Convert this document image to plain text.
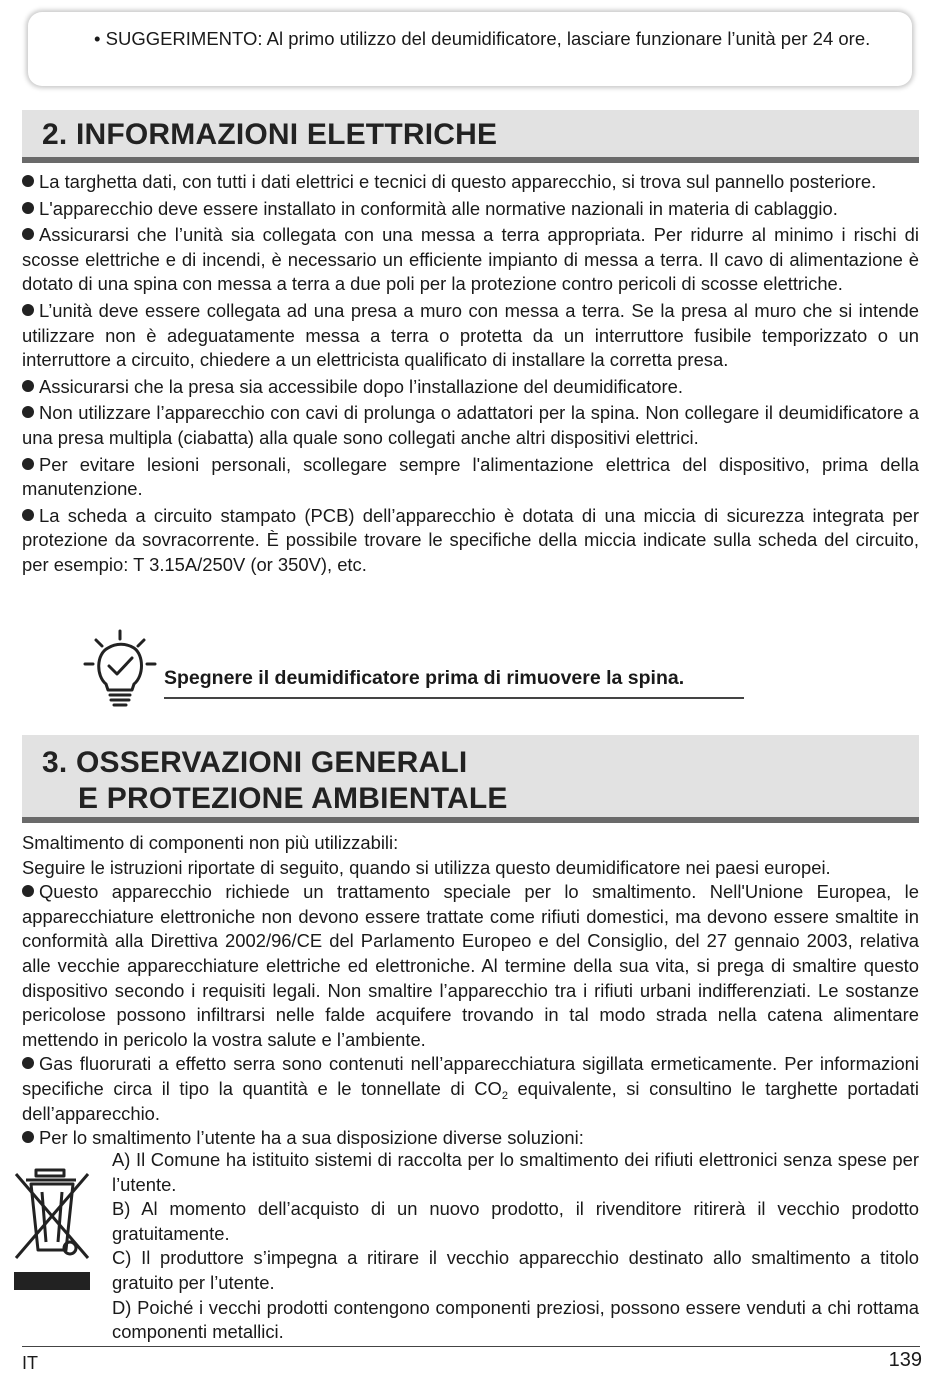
• SUGGERIMENTO: Al primo utilizzo del deumidificatore, lasciare funzionare l’unità per 24 ore.

2. INFORMAZIONI ELETTRICHE

La targhetta dati, con tutti i dati elettrici e tecnici di questo apparecchio, si trova sul pannello posteriore.

L'apparecchio deve essere installato in conformità alle normative nazionali in materia di cablaggio.

Assicurarsi che l’unità sia collegata con una messa a terra appropriata. Per ridurre al minimo i rischi di scosse elettriche e di incendi, è necessario un efficiente impianto di messa a terra. Il cavo di alimentazione è dotato di una spina con messa a terra a due poli per la protezione contro pericoli di scosse elettriche.

L’unità deve essere collegata ad una presa a muro con messa a terra. Se la presa al muro che si intende utilizzare non è adeguatamente messa a terra o protetta da un interruttore fusibile temporizzato o un interruttore a circuito, chiedere a un elettricista qualificato di installare la corretta presa.

Assicurarsi che la presa sia accessibile dopo l’installazione del deumidificatore.

Non utilizzare l’apparecchio con cavi di prolunga o adattatori per la spina. Non collegare il deumidificatore a una presa multipla (ciabatta) alla quale sono collegati anche altri dispositivi elettrici.

Per evitare lesioni personali, scollegare sempre l'alimentazione elettrica del dispositivo, prima della manutenzione.

La scheda a circuito stampato (PCB) dell’apparecchio è dotata di una miccia di sicurezza integrata per protezione da sovracorrente. È possibile trovare le specifiche della miccia indicate sulla scheda del circuito, per esempio: T 3.15A/250V (or 350V), etc.

Spegnere il deumidificatore prima di rimuovere la spina.
3. OSSERVAZIONI GENERALI
E PROTEZIONE AMBIENTALE

Smaltimento di componenti non più utilizzabili:

Seguire le istruzioni riportate di seguito, quando si utilizza questo deumidificatore nei paesi europei.

Questo apparecchio richiede un trattamento speciale per lo smaltimento. Nell'Unione Europea, le apparecchiature elettroniche non devono essere trattate come rifiuti domestici, ma devono essere smaltite in conformità alla Direttiva 2002/96/CE del Parlamento Europeo e del Consiglio, del 27 gennaio 2003, relativa alle vecchie apparecchiature elettriche ed elettroniche. Al termine della sua vita, si prega di smaltire questo dispositivo secondo i requisiti legali. Non smaltire l’apparecchio tra i rifiuti urbani indifferenziati. Le sostanze pericolose possono infiltrarsi nelle falde acquifere trovando in tal modo strada nella catena alimentare mettendo in pericolo la vostra salute e l’ambiente.

Gas fluorurati a effetto serra sono contenuti nell’apparecchiatura sigillata ermeticamente. Per informazioni specifiche circa il tipo la quantità e le tonnellate di $CO_2$ equivalente, si consultino le targhette portadati dell’apparecchio.

Per lo smaltimento l’utente ha a sua disposizione diverse soluzioni:

A) Il Comune ha istituito sistemi di raccolta per lo smaltimento dei rifiuti elettronici senza spese per l’utente.

B) Al momento dell’acquisto di un nuovo prodotto, il rivenditore ritirerà il vecchio prodotto gratuitamente.

C) Il produttore s’impegna a ritirare il vecchio apparecchio destinato allo smaltimento a titolo gratuito per l’utente.

D) Poiché i vecchi prodotti contengono componenti preziosi, possono essere venduti a chi rottama componenti metallici.

IT	139
